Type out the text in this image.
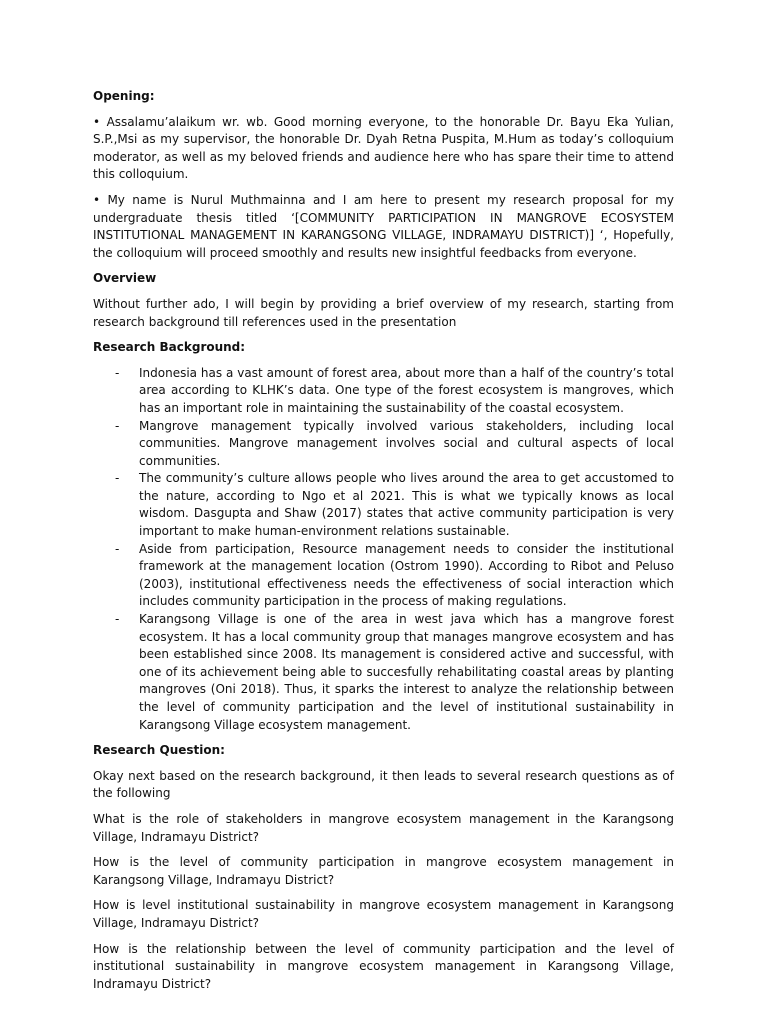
Opening:
• Assalamu’alaikum wr. wb. Good morning everyone, to the honorable Dr. Bayu Eka Yulian, S.P.,Msi as my supervisor, the honorable Dr. Dyah Retna Puspita, M.Hum as today’s colloquium moderator, as well as my beloved friends and audience here who has spare their time to attend this colloquium.
• My name is Nurul Muthmainna and I am here to present my research proposal for my undergraduate thesis titled ‘[COMMUNITY PARTICIPATION IN MANGROVE ECOSYSTEM INSTITUTIONAL MANAGEMENT IN KARANGSONG VILLAGE, INDRAMAYU DISTRICT)] ‘, Hopefully, the colloquium will proceed smoothly and results new insightful feedbacks from everyone.
Overview
Without further ado, I will begin by providing a brief overview of my research, starting from research background till references used in the presentation
Research Background:
- Indonesia has a vast amount of forest area, about more than a half of the country’s total area according to KLHK’s data. One type of the forest ecosystem is mangroves, which has an important role in maintaining the sustainability of the coastal ecosystem.
- Mangrove management typically involved various stakeholders, including local communities. Mangrove management involves social and cultural aspects of local communities.
- The community’s culture allows people who lives around the area to get accustomed to the nature, according to Ngo et al 2021. This is what we typically knows as local wisdom. Dasgupta and Shaw (2017) states that active community participation is very important to make human-environment relations sustainable.
- Aside from participation, Resource management needs to consider the institutional framework at the management location (Ostrom 1990). According to Ribot and Peluso (2003), institutional effectiveness needs the effectiveness of social interaction which includes community participation in the process of making regulations.
- Karangsong Village is one of the area in west java which has a mangrove forest ecosystem. It has a local community group that manages mangrove ecosystem and has been established since 2008. Its management is considered active and successful, with one of its achievement being able to succesfully rehabilitating coastal areas by planting mangroves (Oni 2018). Thus, it sparks the interest to analyze the relationship between the level of community participation and the level of institutional sustainability in Karangsong Village ecosystem management.
Research Question:
Okay next based on the research background, it then leads to several research questions as of the following
What is the role of stakeholders in mangrove ecosystem management in the Karangsong Village, Indramayu District?
How is the level of community participation in mangrove ecosystem management in Karangsong Village, Indramayu District?
How is level institutional sustainability in mangrove ecosystem management in Karangsong Village, Indramayu District?
How is the relationship between the level of community participation and the level of institutional sustainability in mangrove ecosystem management in Karangsong Village, Indramayu District?
